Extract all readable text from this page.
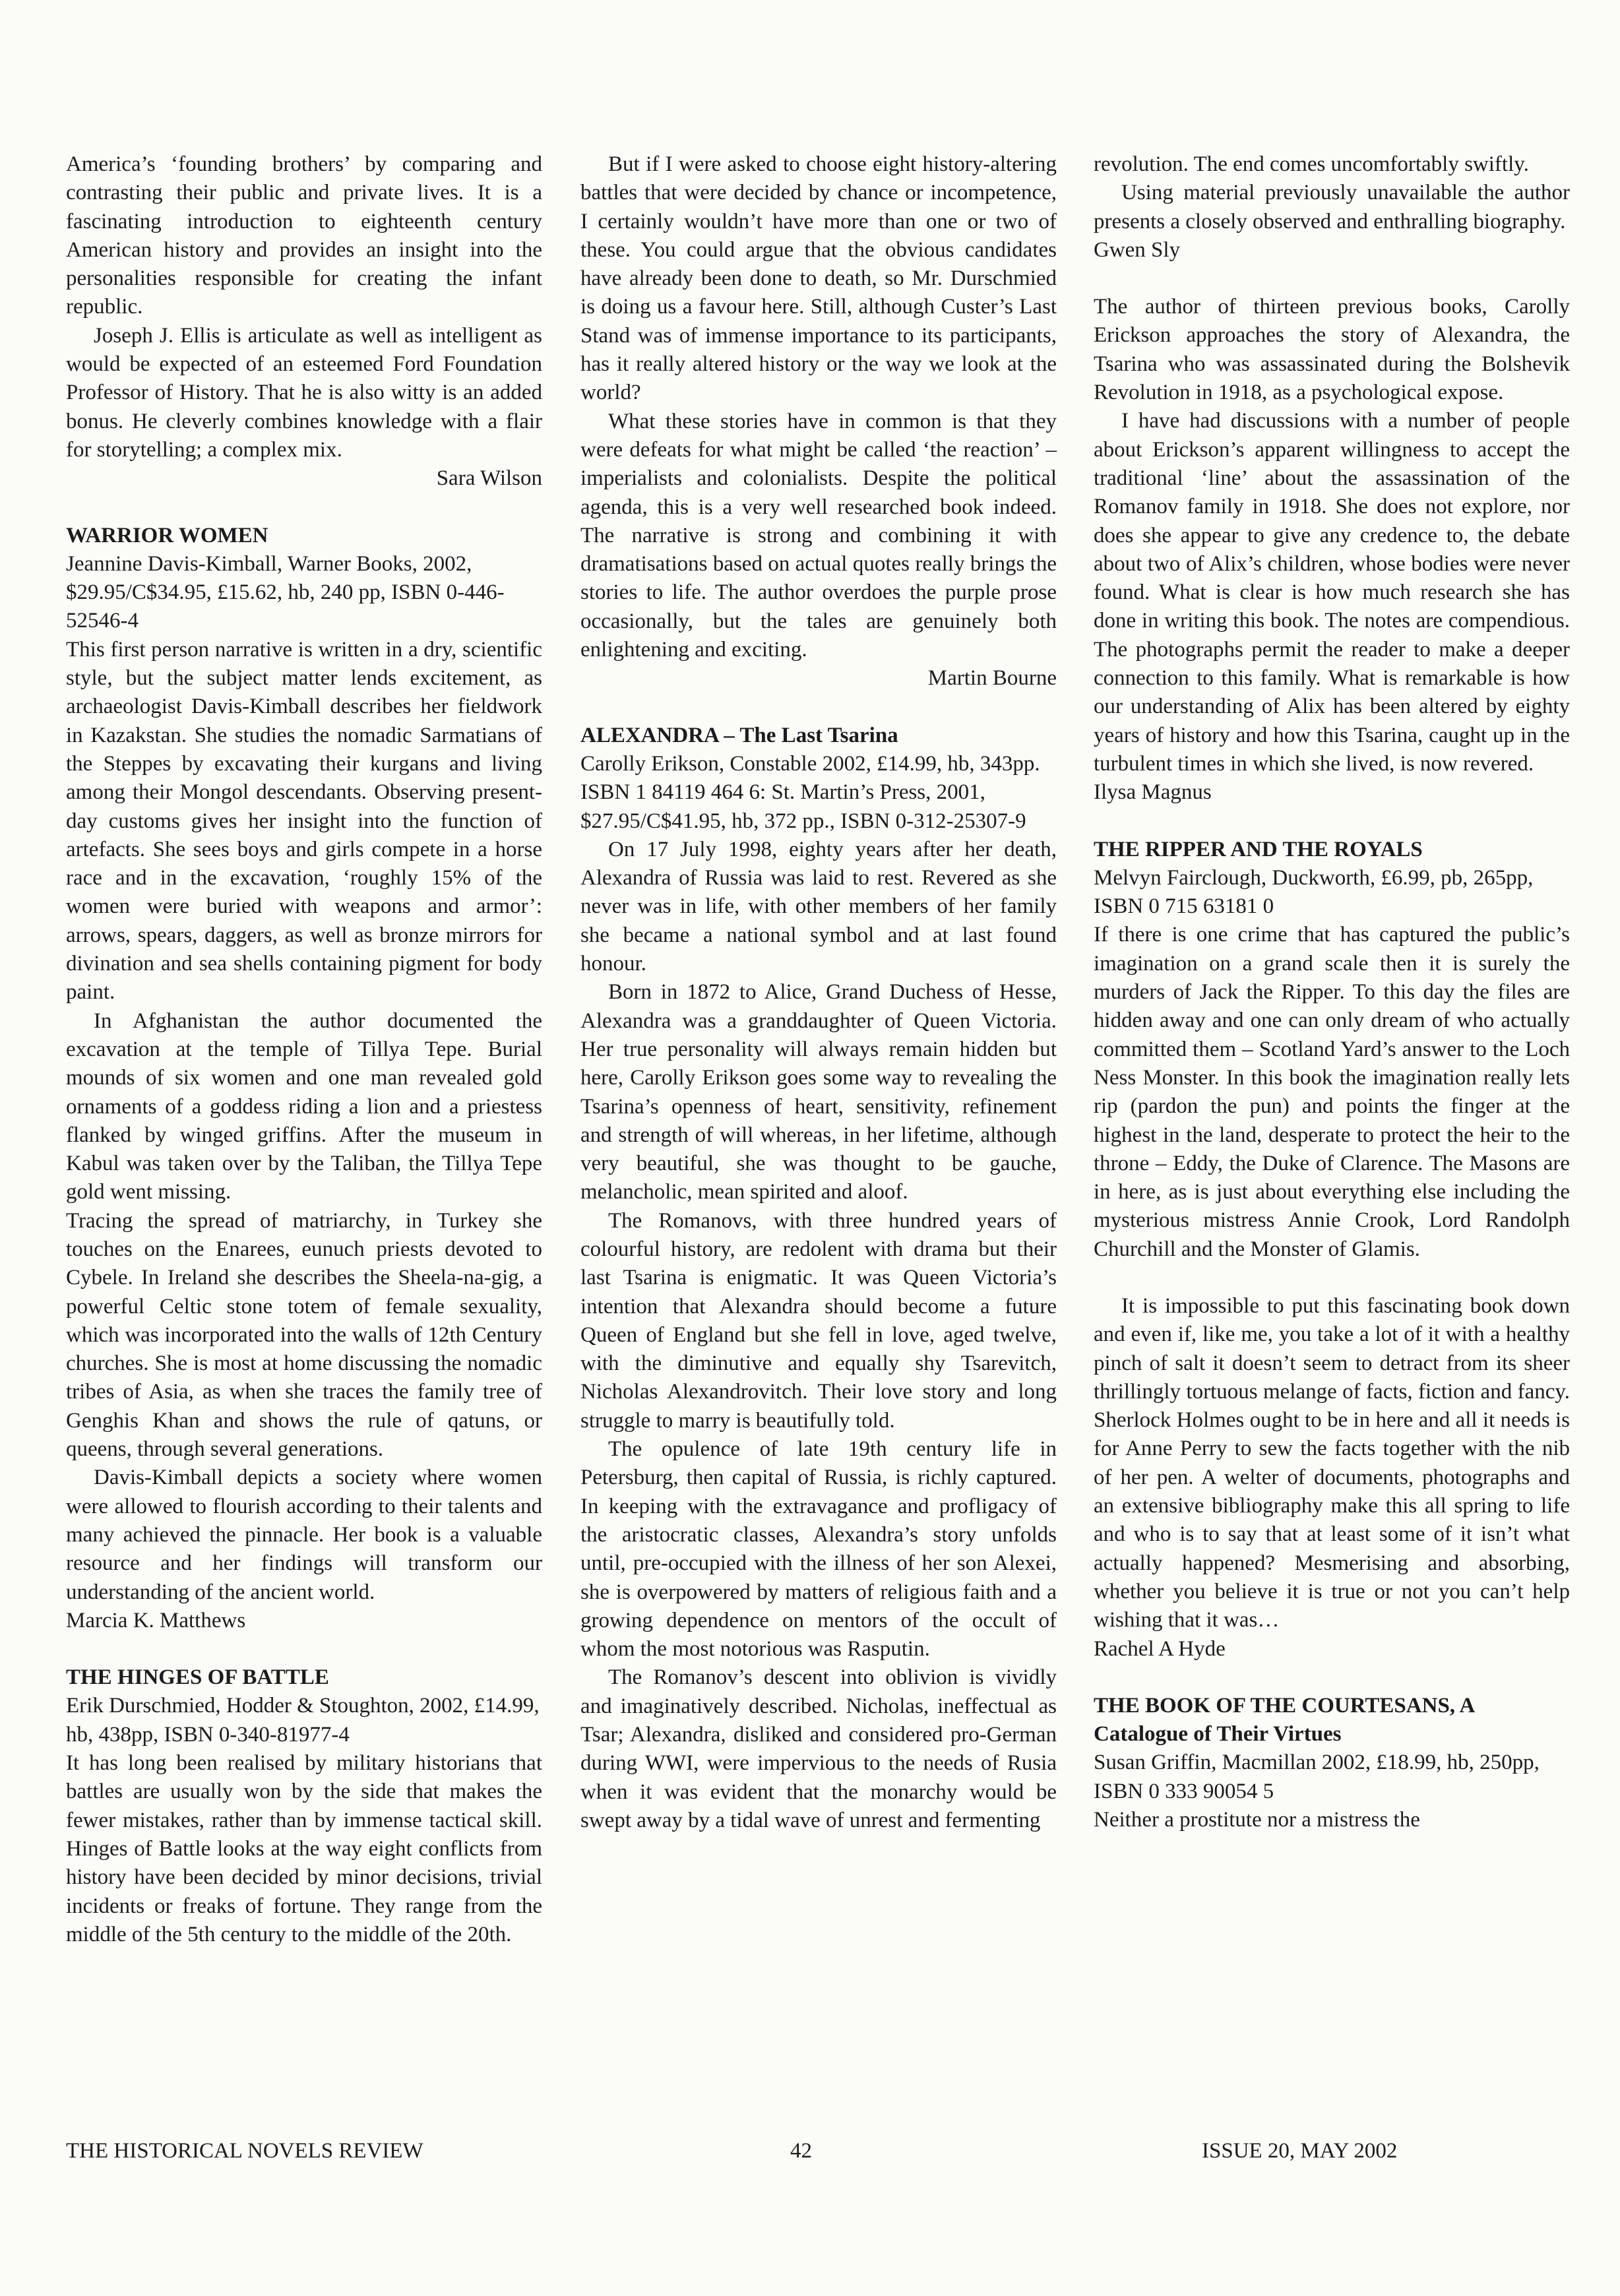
America’s ‘founding brothers’ by comparing and contrasting their public and private lives. It is a fascinating introduction to eighteenth century American history and provides an insight into the personalities responsible for creating the infant republic.

Joseph J. Ellis is articulate as well as intelligent as would be expected of an esteemed Ford Foundation Professor of History. That he is also witty is an added bonus. He cleverly combines knowledge with a flair for storytelling; a complex mix.

Sara Wilson

WARRIOR WOMEN

Jeannine Davis-Kimball, Warner Books, 2002, $29.95/C$34.95, £15.62, hb, 240 pp, ISBN 0-446-52546-4

This first person narrative is written in a dry, scientific style, but the subject matter lends excitement, as archaeologist Davis-Kimball describes her fieldwork in Kazakstan. She studies the nomadic Sarmatians of the Steppes by excavating their kurgans and living among their Mongol descendants. Observing present-day customs gives her insight into the function of artefacts. She sees boys and girls compete in a horse race and in the excavation, ‘roughly 15% of the women were buried with weapons and armor’: arrows, spears, daggers, as well as bronze mirrors for divination and sea shells containing pigment for body paint.

In Afghanistan the author documented the excavation at the temple of Tillya Tepe. Burial mounds of six women and one man revealed gold ornaments of a goddess riding a lion and a priestess flanked by winged griffins. After the museum in Kabul was taken over by the Taliban, the Tillya Tepe gold went missing.

Tracing the spread of matriarchy, in Turkey she touches on the Enarees, eunuch priests devoted to Cybele. In Ireland she describes the Sheela-na-gig, a powerful Celtic stone totem of female sexuality, which was incorporated into the walls of 12th Century churches. She is most at home discussing the nomadic tribes of Asia, as when she traces the family tree of Genghis Khan and shows the rule of qatuns, or queens, through several generations.

Davis-Kimball depicts a society where women were allowed to flourish according to their talents and many achieved the pinnacle. Her book is a valuable resource and her findings will transform our understanding of the ancient world.

Marcia K. Matthews

THE HINGES OF BATTLE

Erik Durschmied, Hodder & Stoughton, 2002, £14.99, hb, 438pp, ISBN 0-340-81977-4

It has long been realised by military historians that battles are usually won by the side that makes the fewer mistakes, rather than by immense tactical skill. Hinges of Battle looks at the way eight conflicts from history have been decided by minor decisions, trivial incidents or freaks of fortune. They range from the middle of the 5th century to the middle of the 20th.

But if I were asked to choose eight history-altering battles that were decided by chance or incompetence, I certainly wouldn’t have more than one or two of these. You could argue that the obvious candidates have already been done to death, so Mr. Durschmied is doing us a favour here. Still, although Custer’s Last Stand was of immense importance to its participants, has it really altered history or the way we look at the world?

What these stories have in common is that they were defeats for what might be called ‘the reaction’ – imperialists and colonialists. Despite the political agenda, this is a very well researched book indeed. The narrative is strong and combining it with dramatisations based on actual quotes really brings the stories to life. The author overdoes the purple prose occasionally, but the tales are genuinely both enlightening and exciting.

Martin Bourne

ALEXANDRA – The Last Tsarina

Carolly Erikson, Constable 2002, £14.99, hb, 343pp. ISBN 1 84119 464 6: St. Martin’s Press, 2001, $27.95/C$41.95, hb, 372 pp., ISBN 0-312-25307-9

On 17 July 1998, eighty years after her death, Alexandra of Russia was laid to rest. Revered as she never was in life, with other members of her family she became a national symbol and at last found honour.

Born in 1872 to Alice, Grand Duchess of Hesse, Alexandra was a granddaughter of Queen Victoria. Her true personality will always remain hidden but here, Carolly Erikson goes some way to revealing the Tsarina’s openness of heart, sensitivity, refinement and strength of will whereas, in her lifetime, although very beautiful, she was thought to be gauche, melancholic, mean spirited and aloof.

The Romanovs, with three hundred years of colourful history, are redolent with drama but their last Tsarina is enigmatic. It was Queen Victoria’s intention that Alexandra should become a future Queen of England but she fell in love, aged twelve, with the diminutive and equally shy Tsarevitch, Nicholas Alexandrovitch. Their love story and long struggle to marry is beautifully told.

The opulence of late 19th century life in Petersburg, then capital of Russia, is richly captured. In keeping with the extravagance and profligacy of the aristocratic classes, Alexandra’s story unfolds until, pre-occupied with the illness of her son Alexei, she is overpowered by matters of religious faith and a growing dependence on mentors of the occult of whom the most notorious was Rasputin.

The Romanov’s descent into oblivion is vividly and imaginatively described. Nicholas, ineffectual as Tsar; Alexandra, disliked and considered pro-German during WWI, were impervious to the needs of Rusia when it was evident that the monarchy would be swept away by a tidal wave of unrest and fermenting

revolution. The end comes uncomfortably swiftly.

Using material previously unavailable the author presents a closely observed and enthralling biography.

Gwen Sly

The author of thirteen previous books, Carolly Erickson approaches the story of Alexandra, the Tsarina who was assassinated during the Bolshevik Revolution in 1918, as a psychological expose.

I have had discussions with a number of people about Erickson’s apparent willingness to accept the traditional ‘line’ about the assassination of the Romanov family in 1918. She does not explore, nor does she appear to give any credence to, the debate about two of Alix’s children, whose bodies were never found. What is clear is how much research she has done in writing this book. The notes are compendious. The photographs permit the reader to make a deeper connection to this family. What is remarkable is how our understanding of Alix has been altered by eighty years of history and how this Tsarina, caught up in the turbulent times in which she lived, is now revered.

Ilysa Magnus

THE RIPPER AND THE ROYALS

Melvyn Fairclough, Duckworth, £6.99, pb, 265pp, ISBN 0 715 63181 0

If there is one crime that has captured the public’s imagination on a grand scale then it is surely the murders of Jack the Ripper. To this day the files are hidden away and one can only dream of who actually committed them – Scotland Yard’s answer to the Loch Ness Monster. In this book the imagination really lets rip (pardon the pun) and points the finger at the highest in the land, desperate to protect the heir to the throne – Eddy, the Duke of Clarence. The Masons are in here, as is just about everything else including the mysterious mistress Annie Crook, Lord Randolph Churchill and the Monster of Glamis.

It is impossible to put this fascinating book down and even if, like me, you take a lot of it with a healthy pinch of salt it doesn’t seem to detract from its sheer thrillingly tortuous melange of facts, fiction and fancy. Sherlock Holmes ought to be in here and all it needs is for Anne Perry to sew the facts together with the nib of her pen. A welter of documents, photographs and an extensive bibliography make this all spring to life and who is to say that at least some of it isn’t what actually happened? Mesmerising and absorbing, whether you believe it is true or not you can’t help wishing that it was…

Rachel A Hyde

THE BOOK OF THE COURTESANS, A Catalogue of Their Virtues

Susan Griffin, Macmillan 2002, £18.99, hb, 250pp, ISBN 0 333 90054 5

Neither a prostitute nor a mistress the

THE HISTORICAL NOVELS REVIEW	42	ISSUE 20, MAY 2002
